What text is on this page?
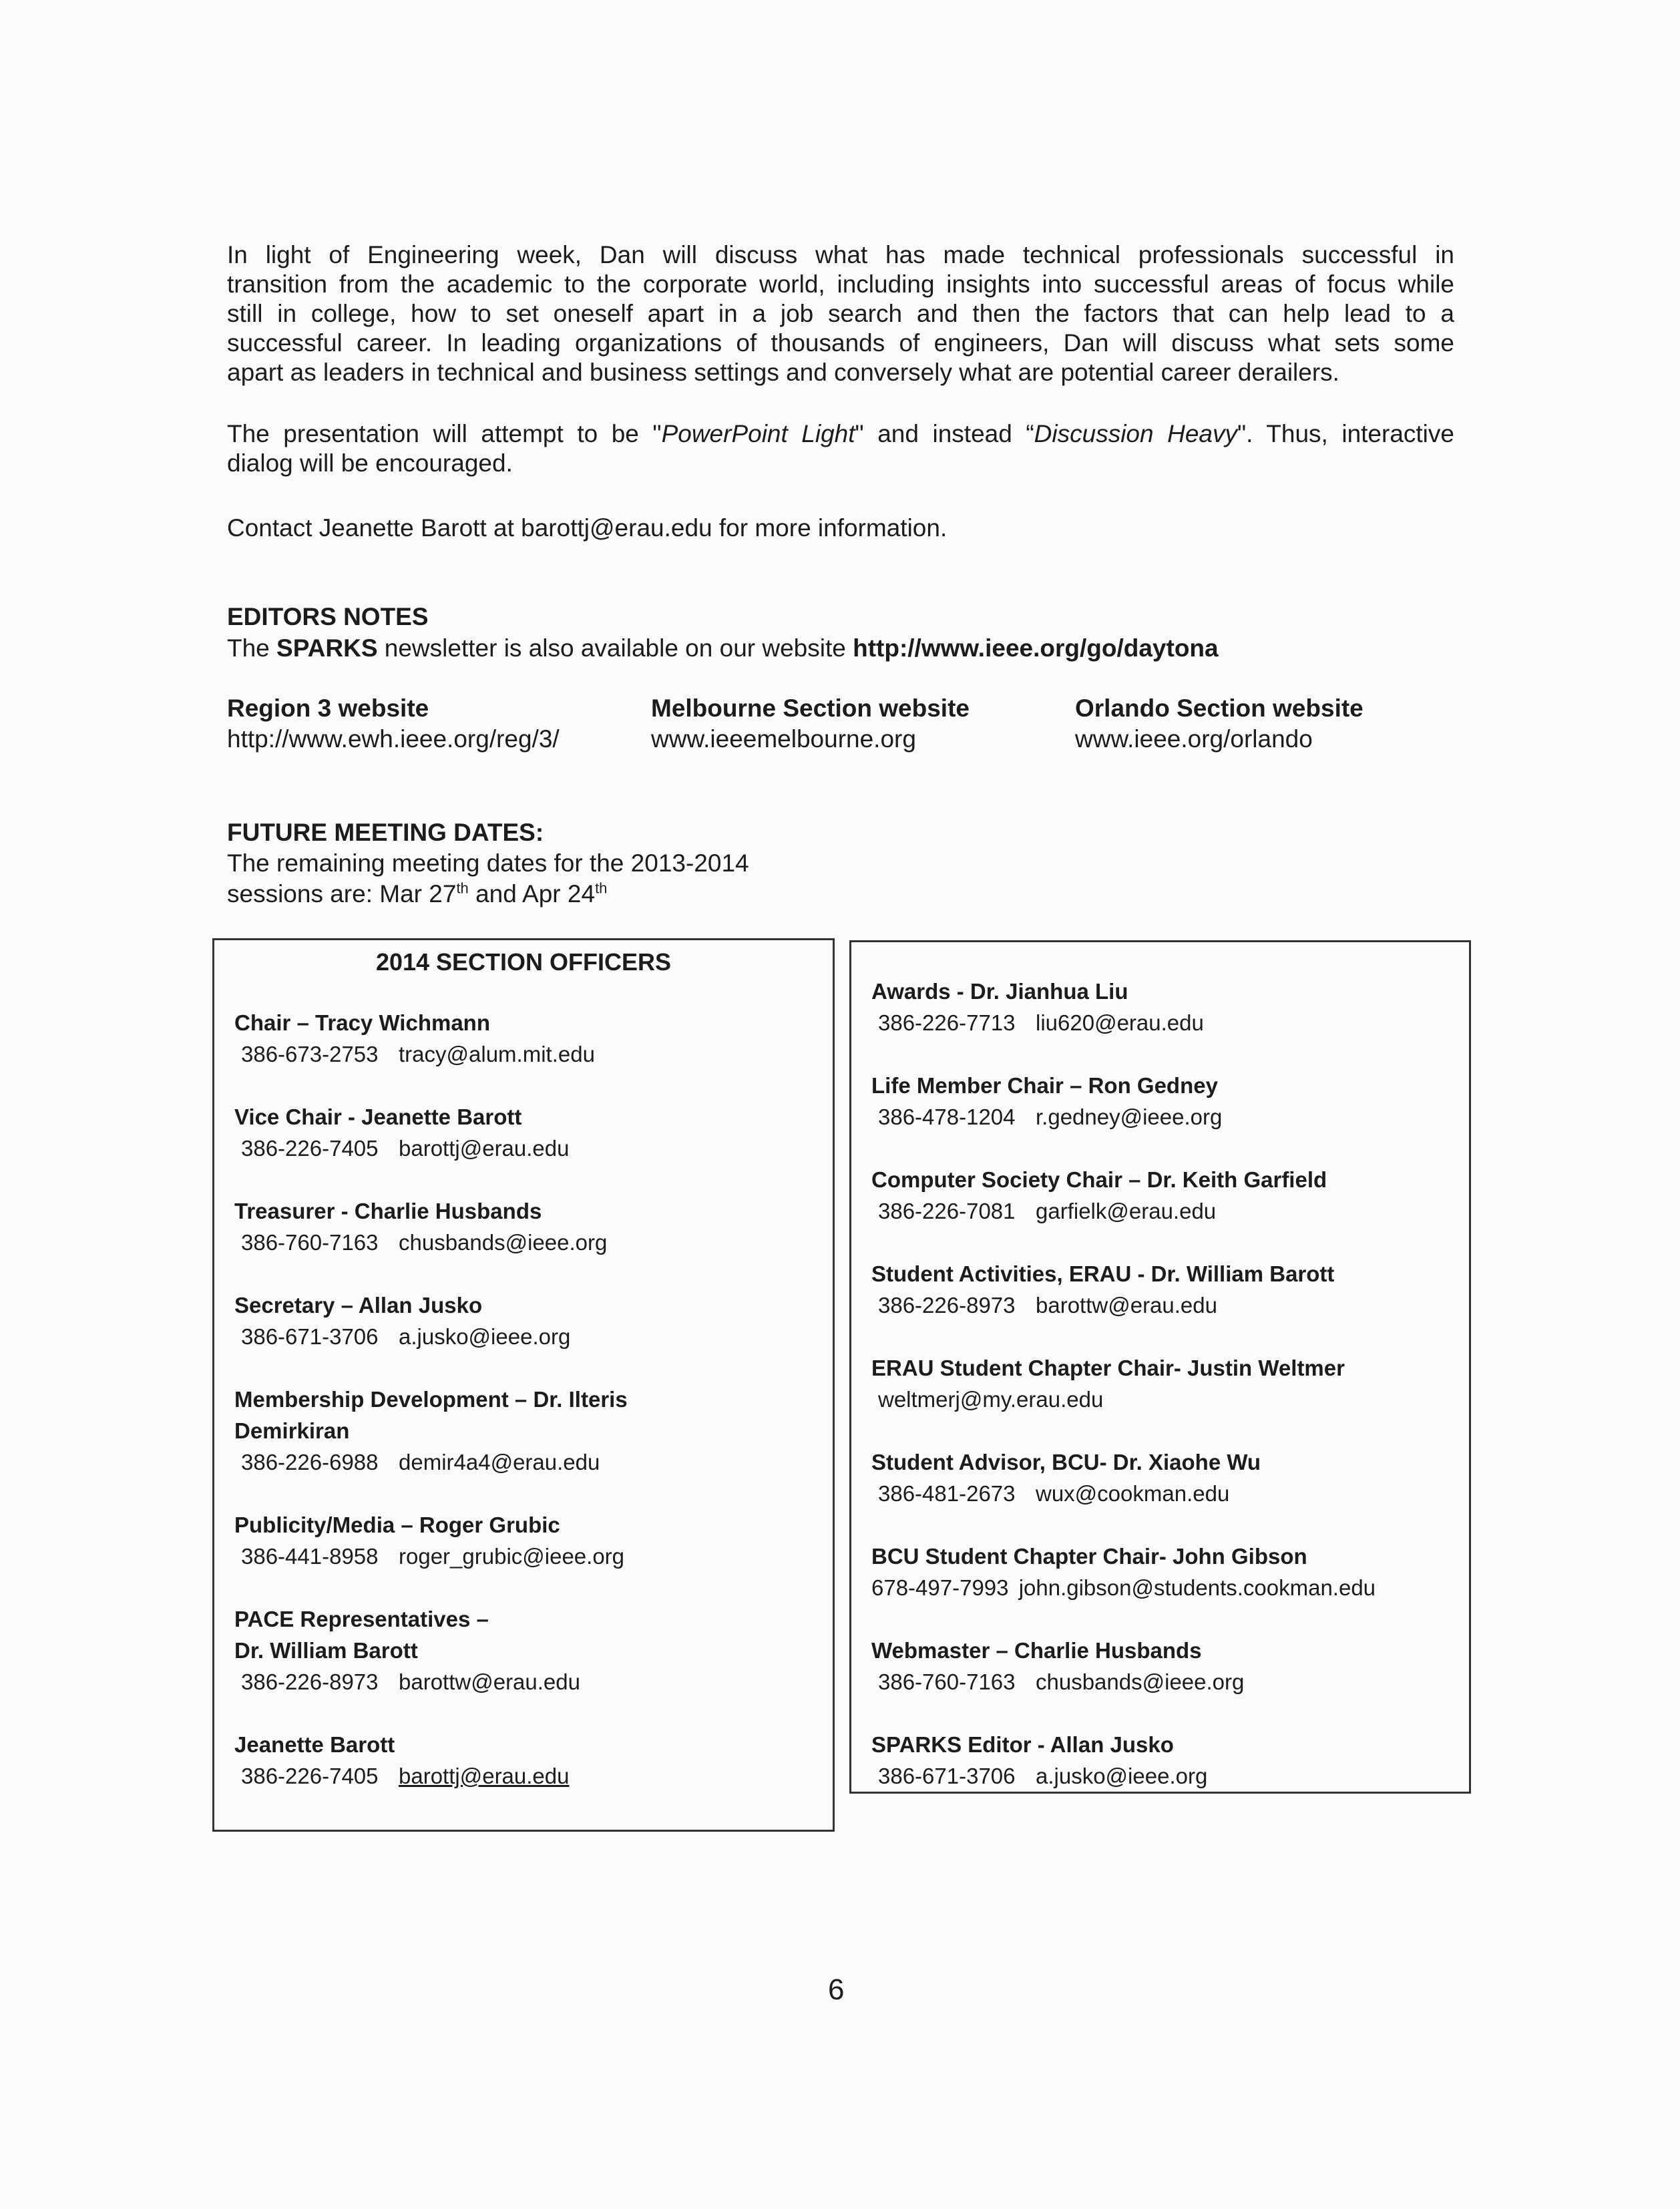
In light of Engineering week, Dan will discuss what has made technical professionals successful in
transition from the academic to the corporate world, including insights into successful areas of focus while
still in college, how to set oneself apart in a job search and then the factors that can help lead to a
successful career. In leading organizations of thousands of engineers, Dan will discuss what sets some
apart as leaders in technical and business settings and conversely what are potential career derailers.
The presentation will attempt to be "PowerPoint Light" and instead “Discussion Heavy". Thus, interactive
dialog will be encouraged.

Contact Jeanette Barott at barottj@erau.edu for more information.

EDITORS NOTES

The SPARKS newsletter is also available on our website http://www.ieee.org/go/daytona

Region 3 website
http://www.ewh.ieee.org/reg/3/
Melbourne Section website
www.ieeemelbourne.org
Orlando Section website
www.ieee.org/orlando

FUTURE MEETING DATES:

The remaining meeting dates for the 2013-2014

sessions are: Mar 27th and Apr 24th

2014 SECTION OFFICERS
Chair – Tracy Wichmann
386-673-2753 tracy@alum.mit.edu
Vice Chair - Jeanette Barott
386-226-7405 barottj@erau.edu
Treasurer - Charlie Husbands
386-760-7163 chusbands@ieee.org
Secretary – Allan Jusko
386-671-3706 a.jusko@ieee.org
Membership Development – Dr. Ilteris
Demirkiran
386-226-6988 demir4a4@erau.edu
Publicity/Media – Roger Grubic
386-441-8958 roger_grubic@ieee.org
PACE Representatives –
Dr. William Barott
386-226-8973 barottw@erau.edu
Jeanette Barott
386-226-7405 barottj@erau.edu
Awards - Dr. Jianhua Liu
386-226-7713 liu620@erau.edu
Life Member Chair – Ron Gedney
386-478-1204 r.gedney@ieee.org
Computer Society Chair – Dr. Keith Garfield
386-226-7081 garfielk@erau.edu
Student Activities, ERAU - Dr. William Barott
386-226-8973 barottw@erau.edu
ERAU Student Chapter Chair- Justin Weltmer
weltmerj@my.erau.edu
Student Advisor, BCU- Dr. Xiaohe Wu
386-481-2673 wux@cookman.edu
BCU Student Chapter Chair- John Gibson
678-497-7993 john.gibson@students.cookman.edu
Webmaster – Charlie Husbands
386-760-7163 chusbands@ieee.org
SPARKS Editor - Allan Jusko
386-671-3706 a.jusko@ieee.org
6
